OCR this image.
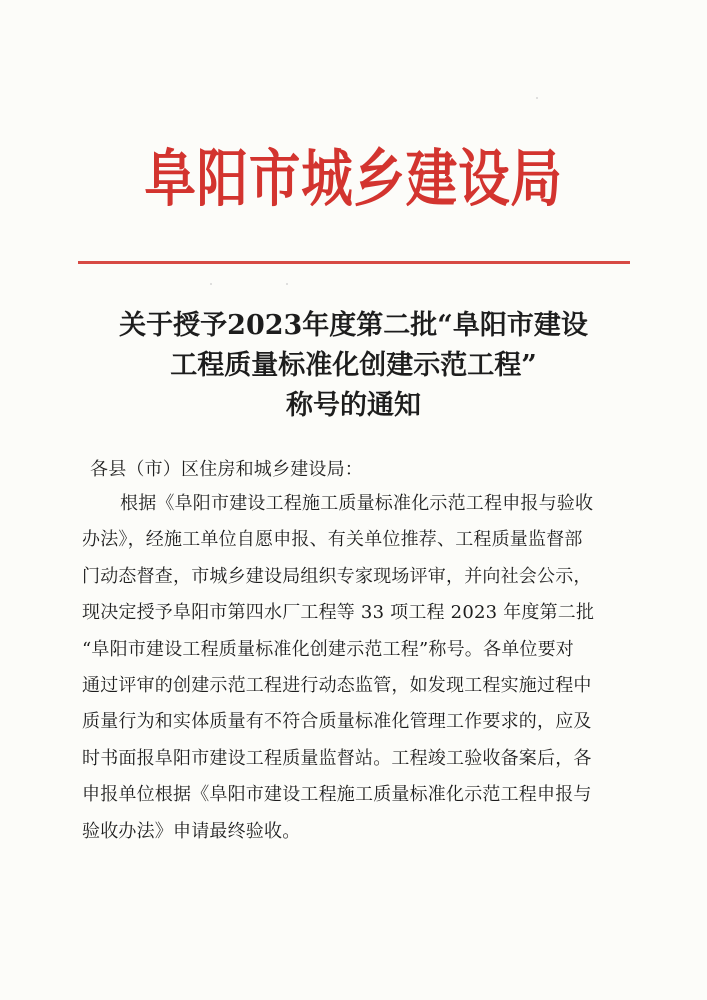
阜阳市城乡建设局
关于授予2023年度第二批“阜阳市建设
工程质量标准化创建示范工程”
称号的通知
各县（市）区住房和城乡建设局：
根据《阜阳市建设工程施工质量标准化示范工程申报与验收
办法》，经施工单位自愿申报、有关单位推荐、工程质量监督部
门动态督查，市城乡建设局组织专家现场评审，并向社会公示，
现决定授予阜阳市第四水厂工程等 33 项工程 2023 年度第二批
“阜阳市建设工程质量标准化创建示范工程”称号。各单位要对
通过评审的创建示范工程进行动态监管，如发现工程实施过程中
质量行为和实体质量有不符合质量标准化管理工作要求的，应及
时书面报阜阳市建设工程质量监督站。工程竣工验收备案后，各
申报单位根据《阜阳市建设工程施工质量标准化示范工程申报与
验收办法》申请最终验收。
